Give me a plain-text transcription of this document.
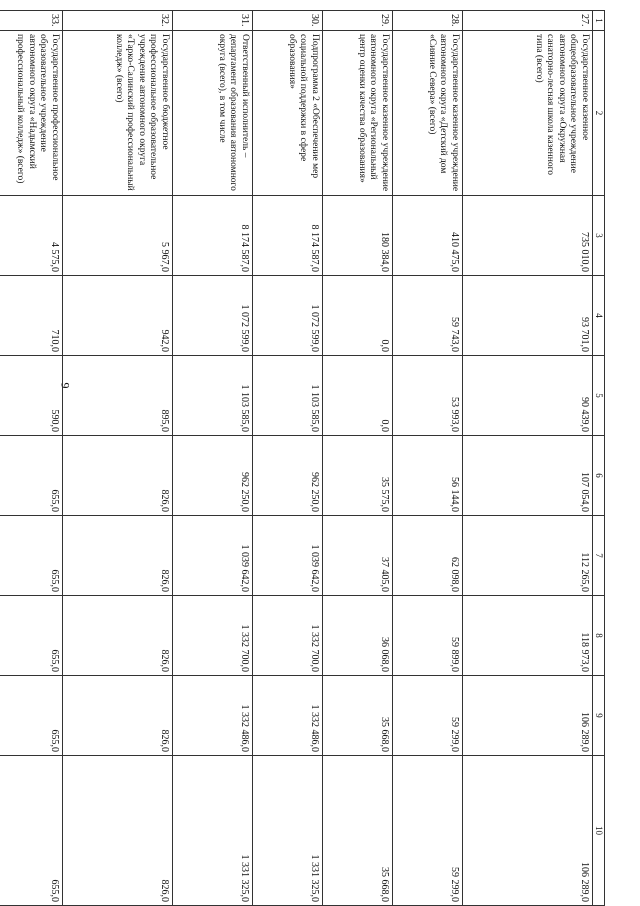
9
1	2	3	4	5	6	7	8	9	10
27.	Государственное казенное общеобразовательное учреждение автономного округа «Окружная санаторно-лесная школа казенного типа (всего)	735 010,0	93 701,0	90 439,0	107 054,0	112 265,0	118 973,0	106 289,0	106 289,0
28.	Государственное казенное учреждение автономного округа «Детский дом «Сияние Севера» (всего)	410 475,0	59 743,0	53 993,0	56 144,0	62 098,0	59 899,0	59 299,0	59 299,0
29.	Государственное казенное учреждение автономного округа «Региональный центр оценки качества образования»	180 384,0	0,0	0,0	35 575,0	37 405,0	36 068,0	35 668,0	35 668,0
30.	Подпрограмма 2 «Обеспечение мер социальной поддержки в сфере образования»	8 174 587,0	1 072 599,0	1 103 585,0	962 250,0	1 039 642,0	1 332 700,0	1 332 486,0	1 331 325,0
31.	Ответственный исполнитель – департамент образования автономного округа (всего), в том числе	8 174 587,0	1 072 599,0	1 103 585,0	962 250,0	1 039 642,0	1 332 700,0	1 332 486,0	1 331 325,0
32.	Государственное бюджетное профессиональное образовательное учреждение автономного округа «Тарко-Салинский профессиональный колледж» (всего)	5 967,0	942,0	895,0	826,0	826,0	826,0	826,0	826,0
33.	Государственное профессиональное образовательное учреждение автономного округа «Надымский профессиональный колледж» (всего)	4 575,0	710,0	590,0	655,0	655,0	655,0	655,0	655,0
